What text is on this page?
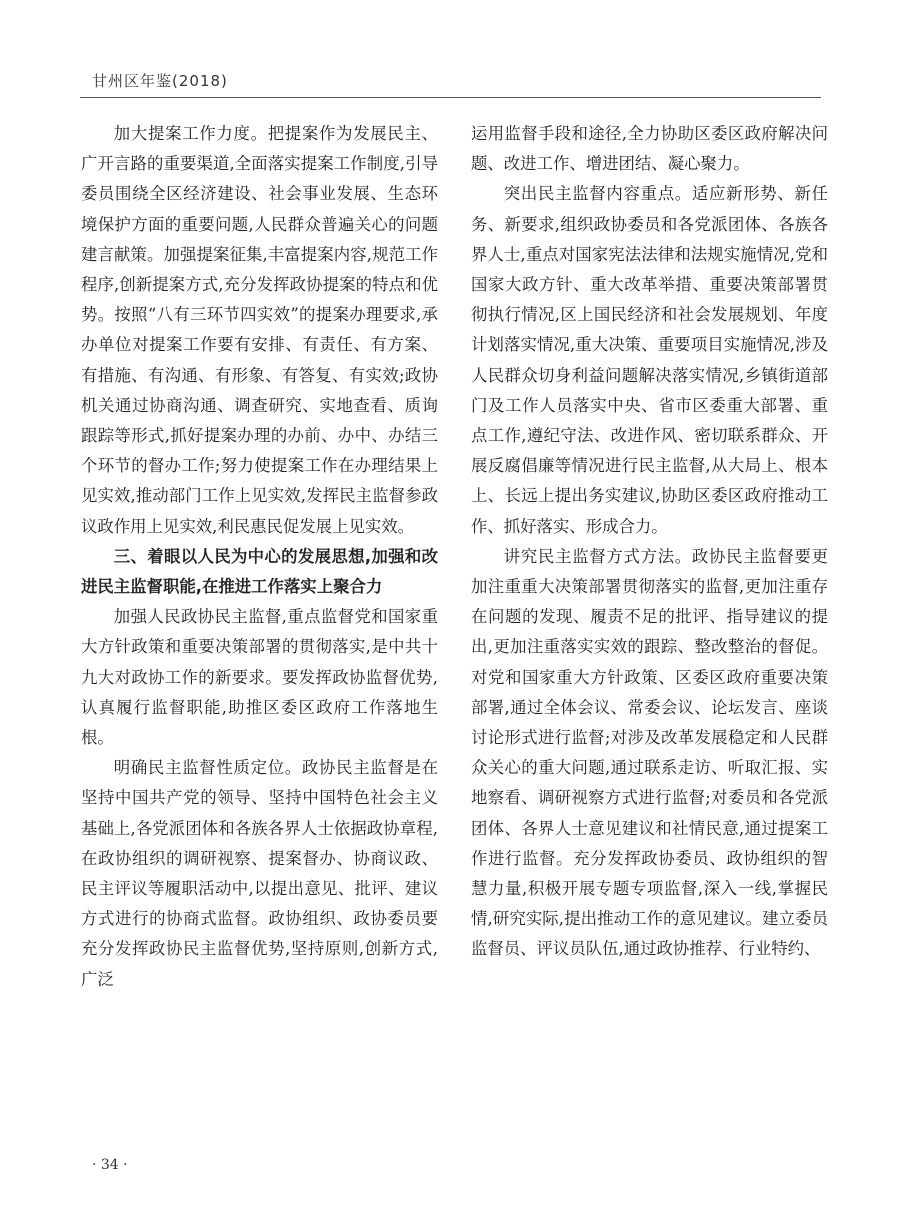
甘州区年鉴(2018)

加大提案工作力度。把提案作为发展民主、广开言路的重要渠道,全面落实提案工作制度,引导委员围绕全区经济建设、社会事业发展、生态环境保护方面的重要问题,人民群众普遍关心的问题建言献策。加强提案征集,丰富提案内容,规范工作程序,创新提案方式,充分发挥政协提案的特点和优势。按照“八有三环节四实效”的提案办理要求,承办单位对提案工作要有安排、有责任、有方案、有措施、有沟通、有形象、有答复、有实效;政协机关通过协商沟通、调查研究、实地查看、质询跟踪等形式,抓好提案办理的办前、办中、办结三个环节的督办工作;努力使提案工作在办理结果上见实效,推动部门工作上见实效,发挥民主监督参政议政作用上见实效,利民惠民促发展上见实效。

三、着眼以人民为中心的发展思想,加强和改进民主监督职能,在推进工作落实上聚合力

加强人民政协民主监督,重点监督党和国家重大方针政策和重要决策部署的贯彻落实,是中共十九大对政协工作的新要求。要发挥政协监督优势,认真履行监督职能,助推区委区政府工作落地生根。

明确民主监督性质定位。政协民主监督是在坚持中国共产党的领导、坚持中国特色社会主义基础上,各党派团体和各族各界人士依据政协章程,在政协组织的调研视察、提案督办、协商议政、民主评议等履职活动中,以提出意见、批评、建议方式进行的协商式监督。政协组织、政协委员要充分发挥政协民主监督优势,坚持原则,创新方式,广泛

运用监督手段和途径,全力协助区委区政府解决问题、改进工作、增进团结、凝心聚力。

突出民主监督内容重点。适应新形势、新任务、新要求,组织政协委员和各党派团体、各族各界人士,重点对国家宪法法律和法规实施情况,党和国家大政方针、重大改革举措、重要决策部署贯彻执行情况,区上国民经济和社会发展规划、年度计划落实情况,重大决策、重要项目实施情况,涉及人民群众切身利益问题解决落实情况,乡镇街道部门及工作人员落实中央、省市区委重大部署、重点工作,遵纪守法、改进作风、密切联系群众、开展反腐倡廉等情况进行民主监督,从大局上、根本上、长远上提出务实建议,协助区委区政府推动工作、抓好落实、形成合力。

讲究民主监督方式方法。政协民主监督要更加注重重大决策部署贯彻落实的监督,更加注重存在问题的发现、履责不足的批评、指导建议的提出,更加注重落实实效的跟踪、整改整治的督促。对党和国家重大方针政策、区委区政府重要决策部署,通过全体会议、常委会议、论坛发言、座谈讨论形式进行监督;对涉及改革发展稳定和人民群众关心的重大问题,通过联系走访、听取汇报、实地察看、调研视察方式进行监督;对委员和各党派团体、各界人士意见建议和社情民意,通过提案工作进行监督。充分发挥政协委员、政协组织的智慧力量,积极开展专题专项监督,深入一线,掌握民情,研究实际,提出推动工作的意见建议。建立委员监督员、评议员队伍,通过政协推荐、行业特约、

· 34 ·
